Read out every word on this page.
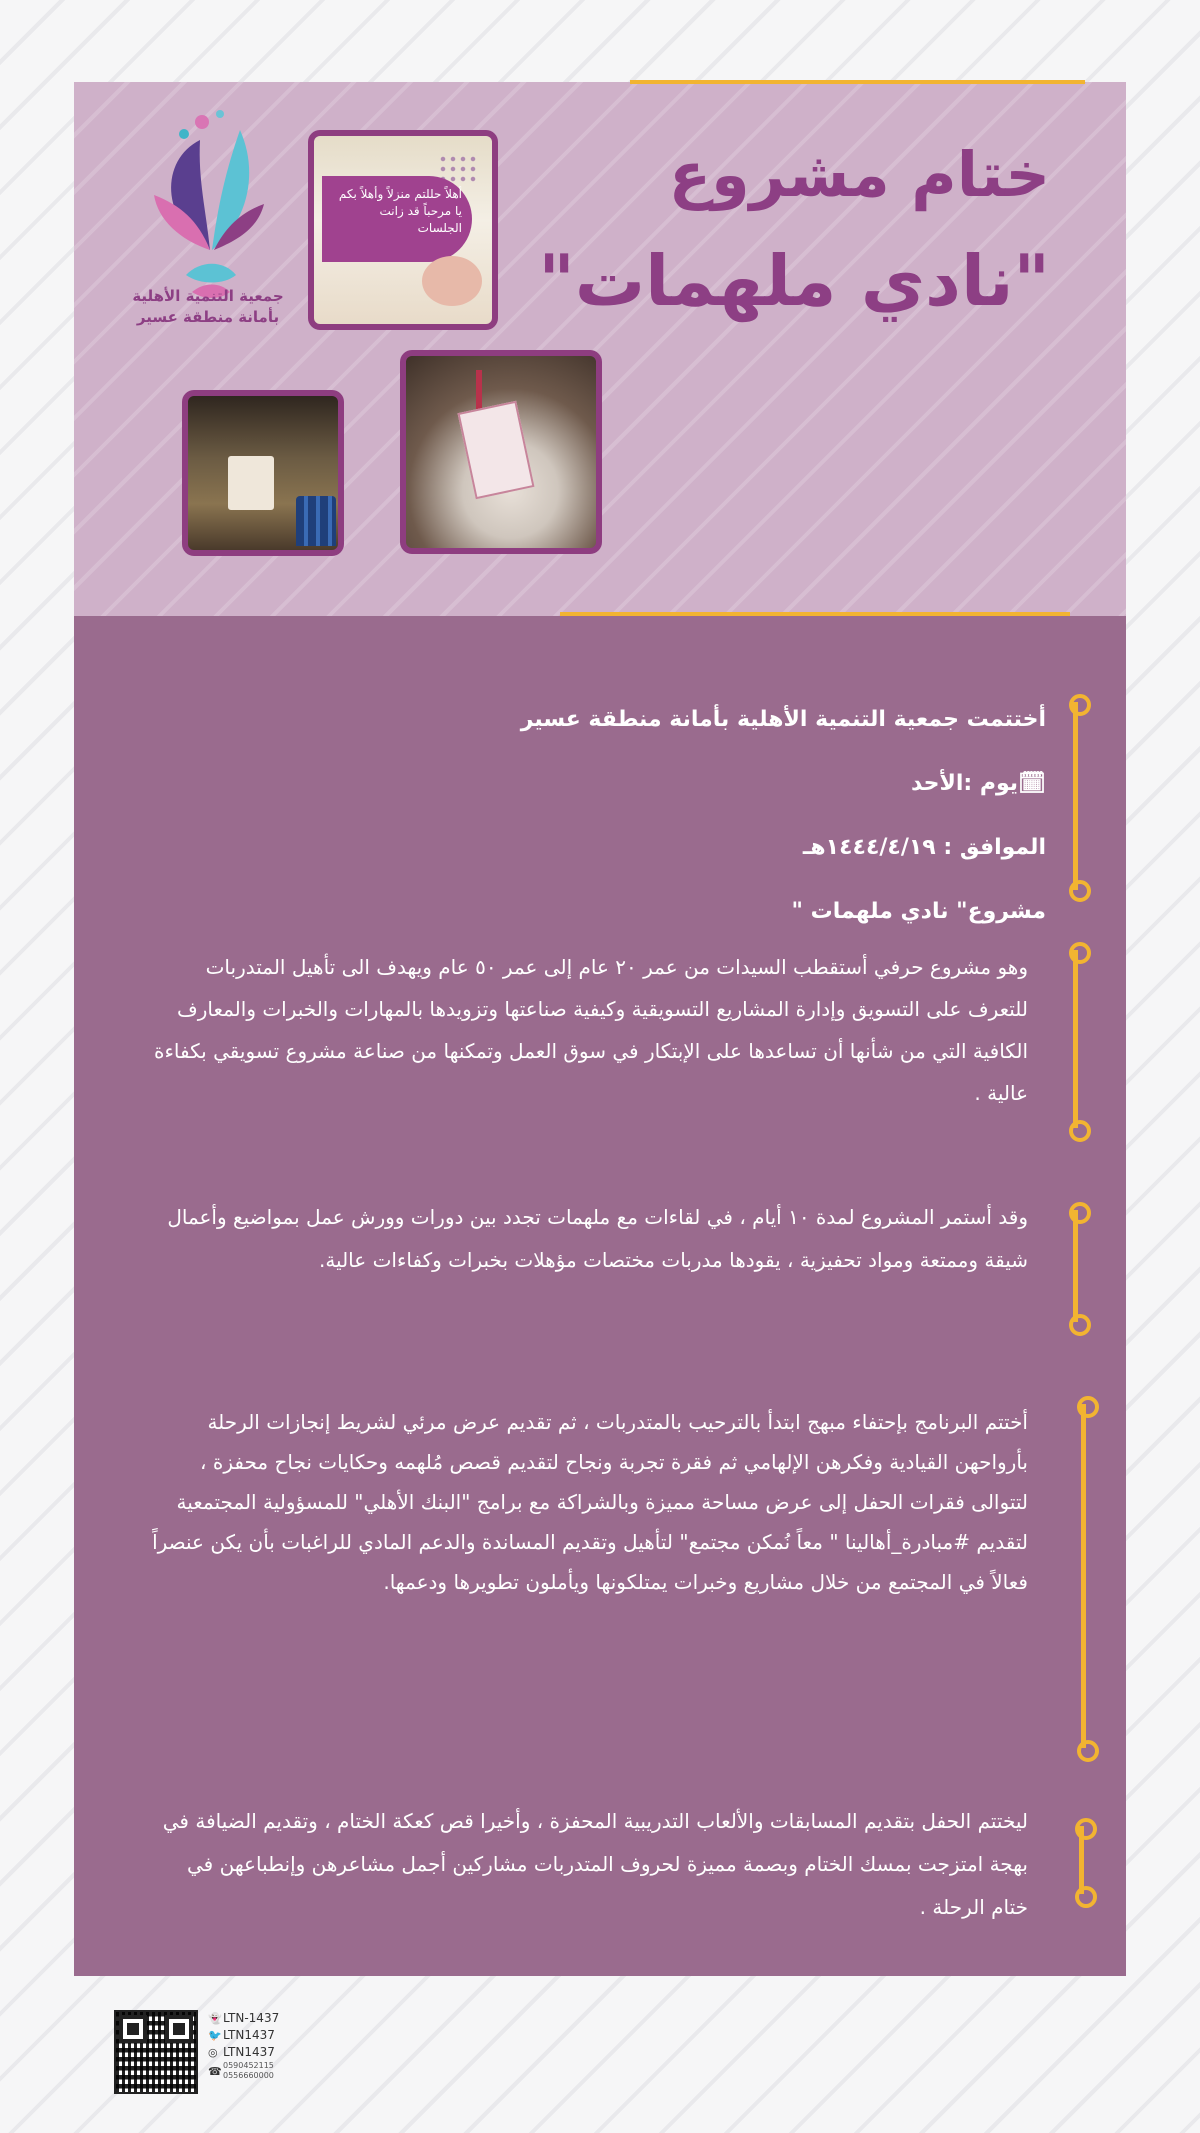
جمعية التنمية الأهلية
بأمانة منطقة عسير
أهلاً حللتم منزلاً وأهلاً بكم يا مرحباً قد زانت الجلسات
ختام مشروع
"نادي ملهمات"
أختتمت جمعية التنمية الأهلية بأمانة منطقة عسير
🗓يوم :الأحد
الموافق : ١٤٤٤/٤/١٩هـ
مشروع" نادي ملهمات "

وهو مشروع حرفي أستقطب السيدات من عمر ٢٠ عام إلى عمر ٥٠ عام ويهدف الى تأهيل المتدربات للتعرف على التسويق وإدارة المشاريع التسويقية وكيفية صناعتها وتزويدها بالمهارات والخبرات والمعارف الكافية التي من شأنها أن تساعدها على الإبتكار في سوق العمل وتمكنها من صناعة مشروع تسويقي بكفاءة عالية .

وقد أستمر المشروع لمدة ١٠ أيام ، في لقاءات مع ملهمات تجدد بين دورات وورش عمل بمواضيع وأعمال شيقة وممتعة ومواد تحفيزية ، يقودها مدربات مختصات مؤهلات بخبرات وكفاءات عالية.

أختتم البرنامج بإحتفاء مبهج ابتدأ بالترحيب بالمتدربات ، ثم تقديم عرض مرئي لشريط إنجازات الرحلة بأرواحهن القيادية وفكرهن الإلهامي ثم فقرة تجربة ونجاح لتقديم قصص مُلهمه وحكايات نجاح محفزة ، لتتوالى فقرات الحفل إلى عرض مساحة مميزة وبالشراكة مع برامج "البنك الأهلي" للمسؤولية المجتمعية لتقديم #مبادرة_أهالينا " معاً نُمكن مجتمع" لتأهيل وتقديم المساندة والدعم المادي للراغبات بأن يكن عنصراً فعالاً في المجتمع من خلال مشاريع وخبرات يمتلكونها ويأملون تطويرها ودعمها.

ليختتم الحفل بتقديم المسابقات والألعاب التدريبية المحفزة ، وأخيرا قص كعكة الختام ، وتقديم الضيافة في بهجة امتزجت بمسك الختام وبصمة مميزة لحروف المتدربات مشاركين أجمل مشاعرهن وإنطباعهن في ختام الرحلة .

👻 LTN-1437
🐦 LTN1437
◎ LTN1437
☎ 0590452115
0556660000
